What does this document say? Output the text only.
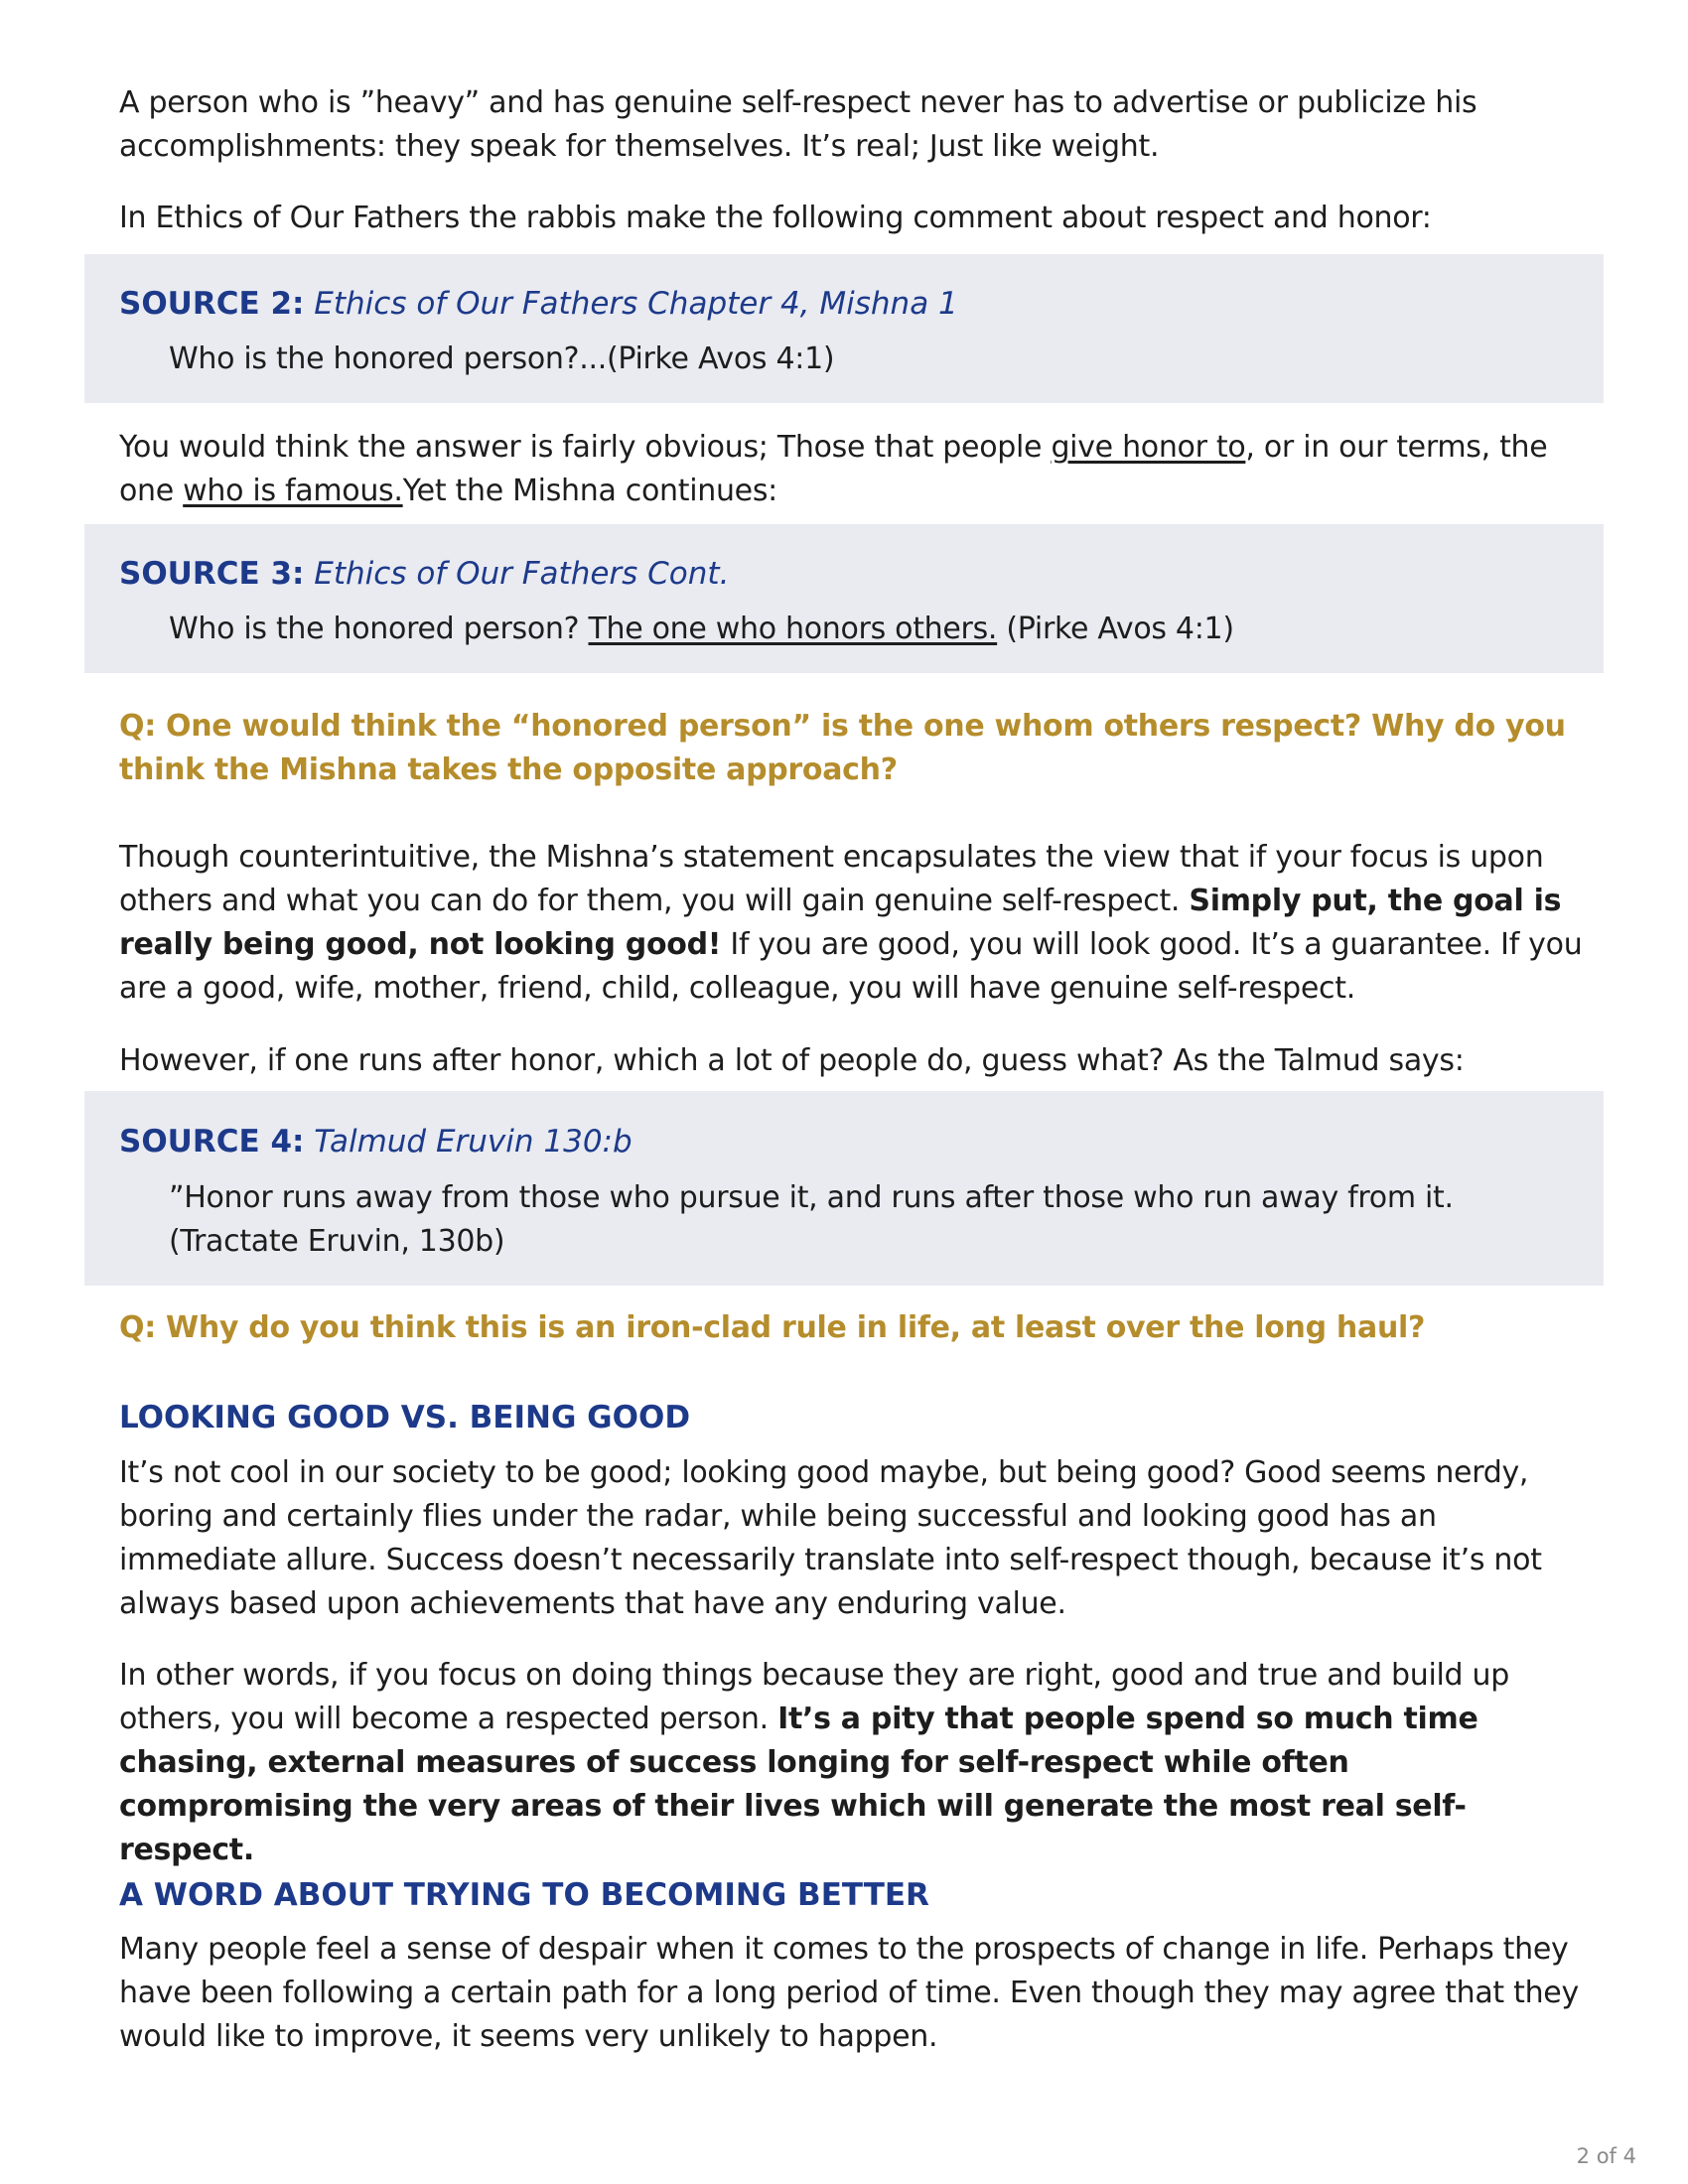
A person who is ”heavy” and has genuine self-respect never has to advertise or publicize his accomplishments: they speak for themselves. It’s real; Just like weight.

In Ethics of Our Fathers the rabbis make the following comment about respect and honor:

SOURCE 2: Ethics of Our Fathers Chapter 4, Mishna 1

Who is the honored person?...(Pirke Avos 4:1)

You would think the answer is fairly obvious; Those that people give honor to, or in our terms, the one who is famous.Yet the Mishna continues:

SOURCE 3: Ethics of Our Fathers Cont.

Who is the honored person? The one who honors others. (Pirke Avos 4:1)

Q: One would think the “honored person” is the one whom others respect? Why do you think the Mishna takes the opposite approach?

Though counterintuitive, the Mishna’s statement encapsulates the view that if your focus is upon others and what you can do for them, you will gain genuine self-respect. Simply put, the goal is really being good, not looking good! If you are good, you will look good. It’s a guarantee. If you are a good, wife, mother, friend, child, colleague, you will have genuine self-respect.

However, if one runs after honor, which a lot of people do, guess what? As the Talmud says:

SOURCE 4: Talmud Eruvin 130:b

”Honor runs away from those who pursue it, and runs after those who run away from it. (Tractate Eruvin, 130b)

Q: Why do you think this is an iron-clad rule in life, at least over the long haul?

LOOKING GOOD VS. BEING GOOD

It’s not cool in our society to be good; looking good maybe, but being good? Good seems nerdy, boring and certainly flies under the radar, while being successful and looking good has an immediate allure. Success doesn’t necessarily translate into self-respect though, because it’s not always based upon achievements that have any enduring value.

In other words, if you focus on doing things because they are right, good and true and build up others, you will become a respected person. It’s a pity that people spend so much time chasing, external measures of success longing for self-respect while often compromising the very areas of their lives which will generate the most real self-respect.

A WORD ABOUT TRYING TO BECOMING BETTER

Many people feel a sense of despair when it comes to the prospects of change in life. Perhaps they have been following a certain path for a long period of time. Even though they may agree that they would like to improve, it seems very unlikely to happen.

2 of 4
